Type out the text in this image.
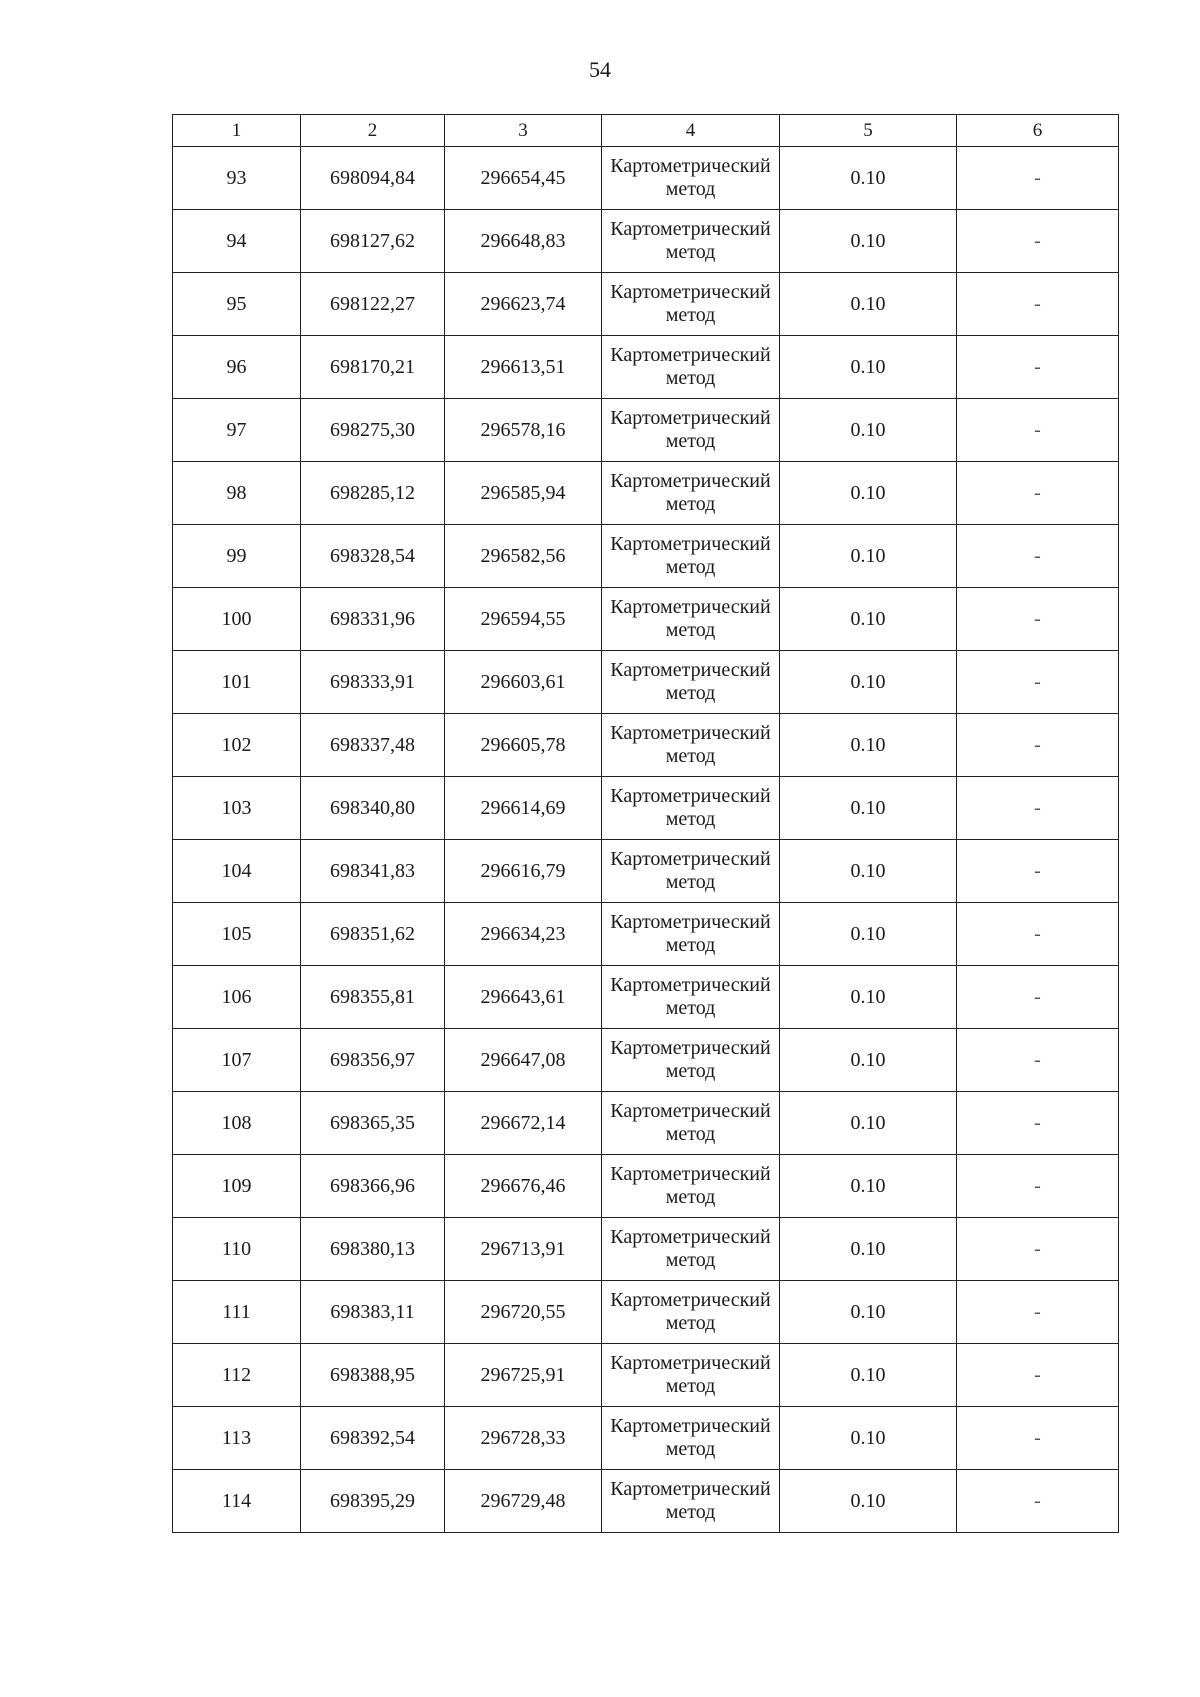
54
1	2	3	4	5	6
93	698094,84	296654,45	Картометрический
метод	0.10	-
94	698127,62	296648,83	Картометрический
метод	0.10	-
95	698122,27	296623,74	Картометрический
метод	0.10	-
96	698170,21	296613,51	Картометрический
метод	0.10	-
97	698275,30	296578,16	Картометрический
метод	0.10	-
98	698285,12	296585,94	Картометрический
метод	0.10	-
99	698328,54	296582,56	Картометрический
метод	0.10	-
100	698331,96	296594,55	Картометрический
метод	0.10	-
101	698333,91	296603,61	Картометрический
метод	0.10	-
102	698337,48	296605,78	Картометрический
метод	0.10	-
103	698340,80	296614,69	Картометрический
метод	0.10	-
104	698341,83	296616,79	Картометрический
метод	0.10	-
105	698351,62	296634,23	Картометрический
метод	0.10	-
106	698355,81	296643,61	Картометрический
метод	0.10	-
107	698356,97	296647,08	Картометрический
метод	0.10	-
108	698365,35	296672,14	Картометрический
метод	0.10	-
109	698366,96	296676,46	Картометрический
метод	0.10	-
110	698380,13	296713,91	Картометрический
метод	0.10	-
111	698383,11	296720,55	Картометрический
метод	0.10	-
112	698388,95	296725,91	Картометрический
метод	0.10	-
113	698392,54	296728,33	Картометрический
метод	0.10	-
114	698395,29	296729,48	Картометрический
метод	0.10	-
